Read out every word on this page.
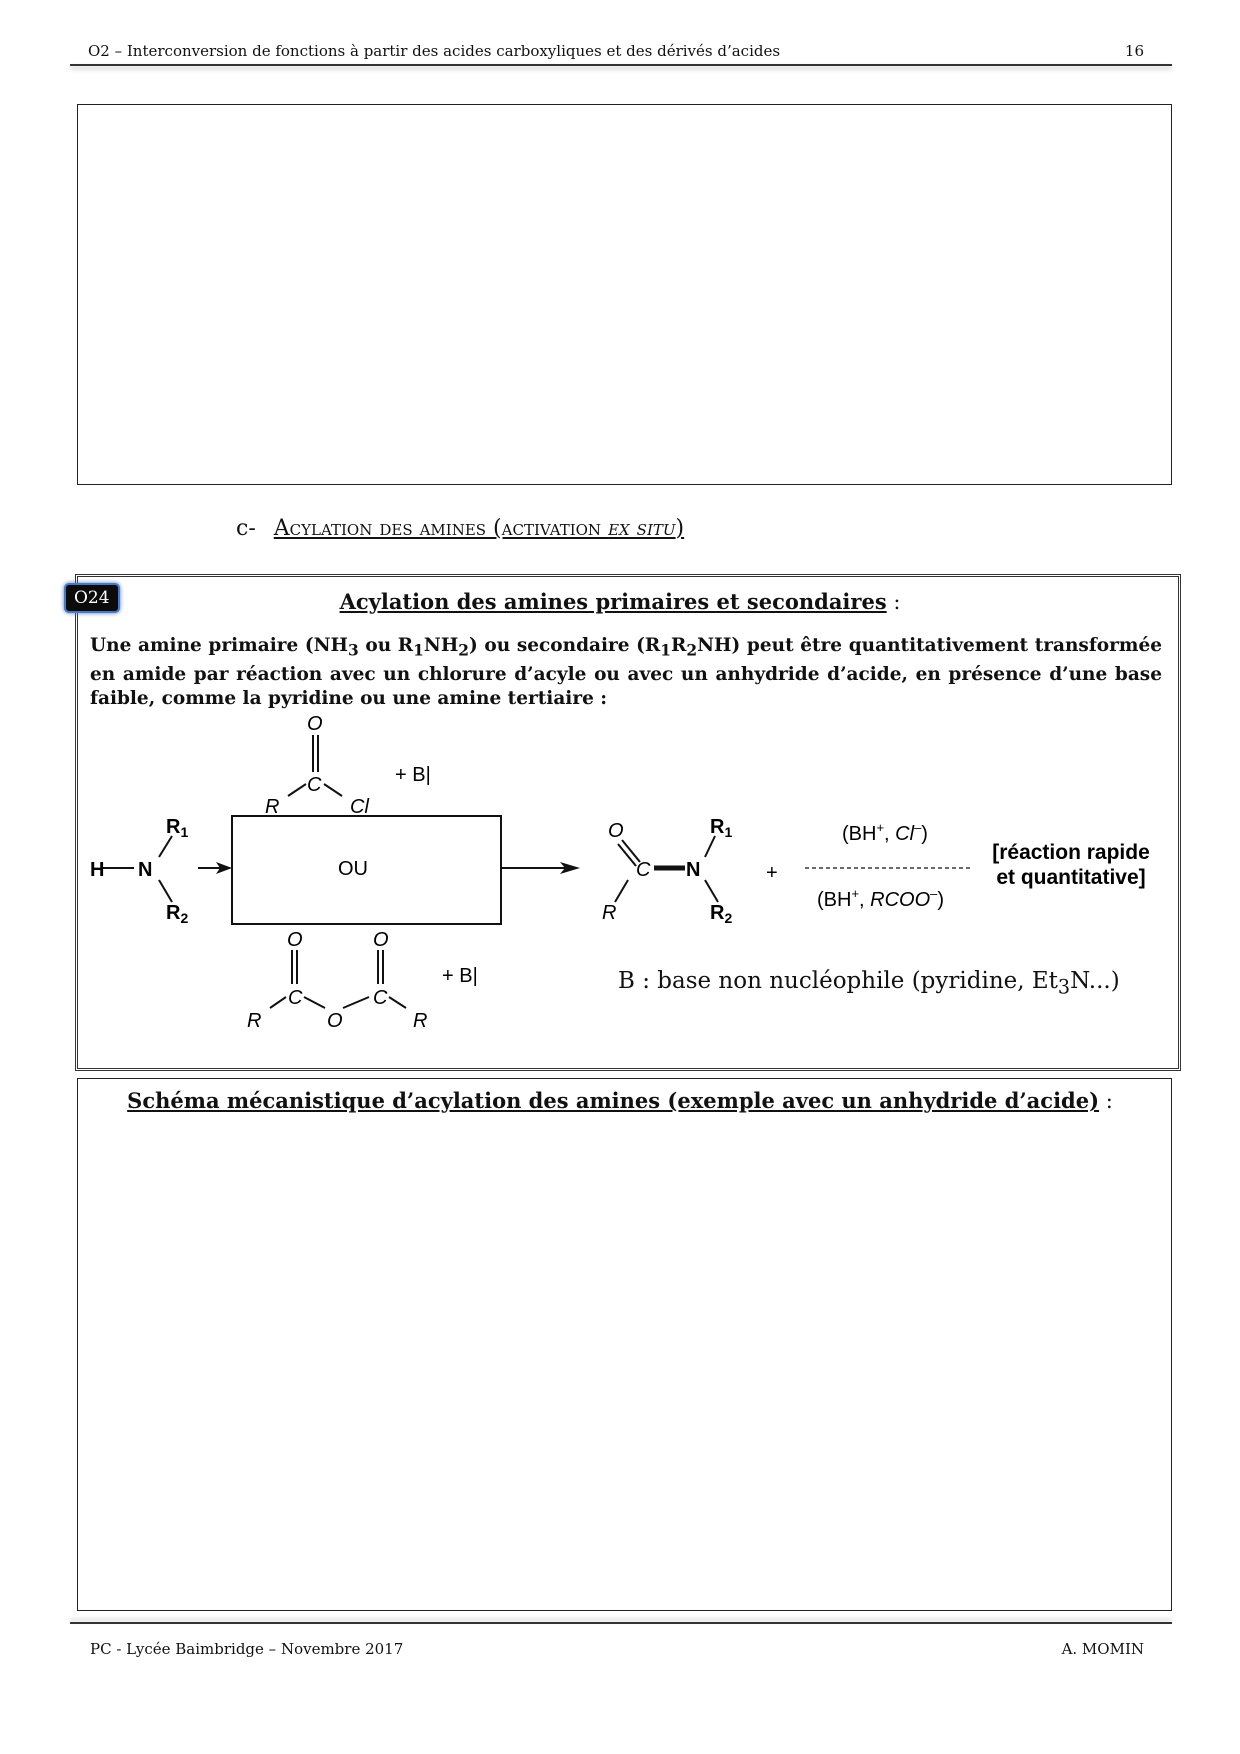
O2 – Interconversion de fonctions à partir des acides carboxyliques et des dérivés d’acides	16
c- Acylation des amines (activation ex situ)
O24	Acylation des amines primaires et secondaires :
Une amine primaire ($NH_3$ ou $R_1NH_2$) ou secondaire $(R_1R_2NH)$ peut être quantitativement transformée en amide par réaction avec un chlorure d’acyle ou avec un anhydride d’acide, en présence d’une base faible, comme la pyridine ou une amine tertiaire :
H N
$R_1$
$R_2$
O
C
R	Cl
+ B|
OU
O	O
C	C
O
R	R
+ B|
O
C N
R
$R_1$
$R_2$
+
(BH+, Cl–)
(BH+, RCOO–)
[réaction rapide
et quantitative]
B : base non nucléophile (pyridine, $Et_3N$...)
Schéma mécanistique d’acylation des amines (exemple avec un anhydride d’acide) :
PC - Lycée Baimbridge – Novembre 2017	A. MOMIN
